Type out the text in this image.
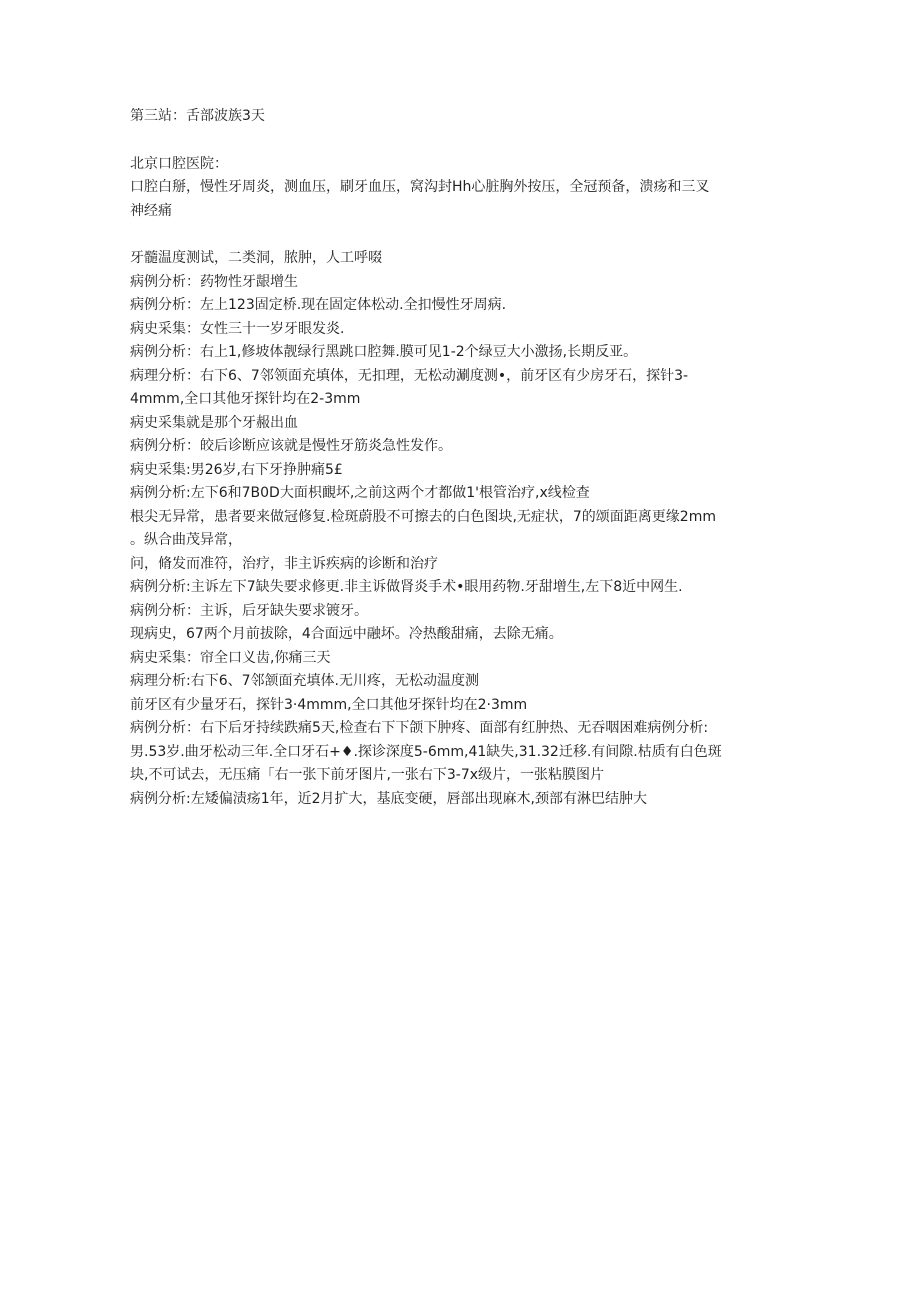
第三站：舌部波族3天
北京口腔医院：
口腔白掰，慢性牙周炎，测血压，刷牙血压，窝沟封Hh心脏胸外按压，全冠预备，溃疡和三叉
神经痛
牙髓温度测试，二类洞，脓肿，人工呼啜
病例分析：药物性牙龈增生
病例分析：左上123固定桥.现在固定体松动.全扣慢性牙周病.
病史采集：女性三十一岁牙眼发炎.
病例分析：右上1,修坡体靓绿行黑跳口腔舞.膜可见1-2个绿豆大小激扬,长期反亚。
病理分析：右下6、7邻领面充填体，无扣理，无松动涮度测•，前牙区有少房牙石，探针3-
4mmm,全口其他牙探针均在2-3mm
病史采集就是那个牙赧出血
病例分析：皎后诊断应该就是慢性牙筋炎急性发作。
病史采集:男26岁,右下牙挣肿痛5£
病例分析:左下6和7B0D大面枳靦坏,之前这两个才都做1'根管治疗,x线检查
根尖无异常，患者要来做冠修复.检斑蔚股不可擦去的白色图块,无症状，7的颂面距离更缘2mm
。纵合曲茂异常，
问，脩发而准符，治疗，非主诉疾病的诊断和治疗
病例分析:主诉左下7缺失要求修更.非主诉做肾炎手术•眼用药物.牙甜增生,左下8近中网生.
病例分析：主诉，后牙缺失要求镀牙。
现病史，67两个月前拔除，4合面远中融坏。冷热酸甜痛，去除无痛。
病史采集：帘全口义齿,你痛三天
病理分析:右下6、7邻颔面充填体.无川疼，无松动温度测
前牙区有少量牙石，探针3·4mmm,全口其他牙探针均在2·3mm
病例分析：右下后牙持续跌痛5天,检查右下下颌下肿疼、面部有红肿热、无吞咽困难病例分析:
男.53岁.曲牙松动三年.全口牙石+♦.探诊深度5-6mm,41缺失,31.32迁移.有间隙.枯质有白色斑
块,不可试去，无压痛「右一张下前牙图片,一张右下3-7x级片，一张粘膜图片
病例分析:左矮偏渍疡1年，近2月扩大，基底变硬，唇部出现麻木,颈部有淋巴结肿大
